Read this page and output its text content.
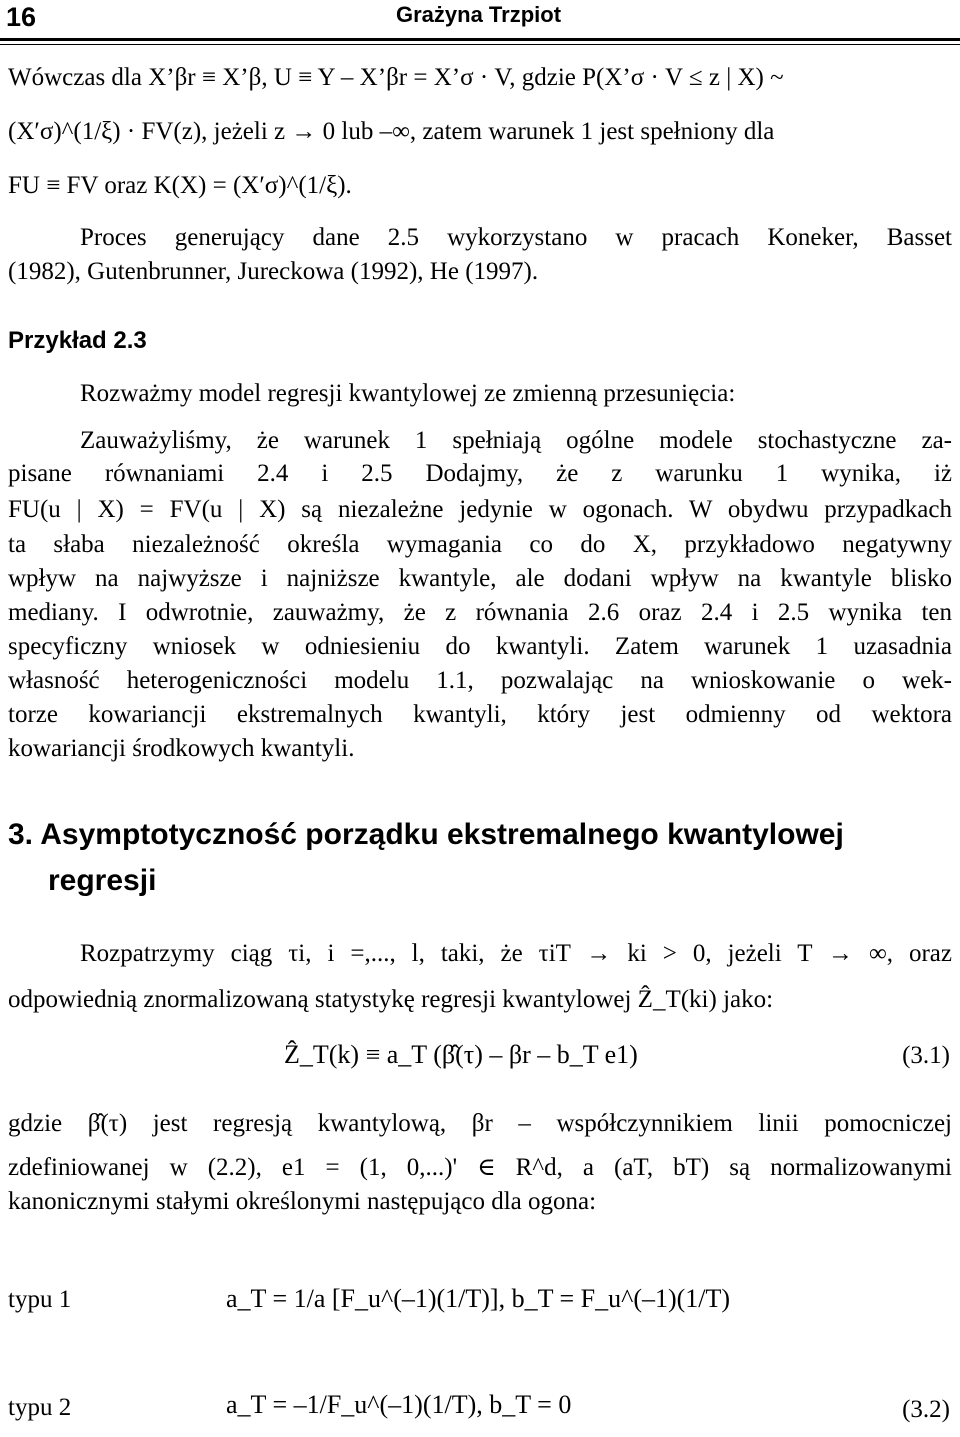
16	Grażyna Trzpiot
Wówczas dla X’βr ≡ X’β, U ≡ Y – X’βr = X’σ · V, gdzie P(X’σ · V ≤ z | X) ~
(X′σ)^(1/ξ) · FV(z), jeżeli z → 0 lub –∞, zatem warunek 1 jest spełniony dla
FU ≡ FV oraz K(X) = (X′σ)^(1/ξ).
Proces generujący dane 2.5 wykorzystano w pracach Koneker, Basset
(1982), Gutenbrunner, Jureckowa (1992), He (1997).
Przykład 2.3
Rozważmy model regresji kwantylowej ze zmienną przesunięcia:
Zauważyliśmy, że warunek 1 spełniają ogólne modele stochastyczne za-
pisane równaniami 2.4 i 2.5 Dodajmy, że z warunku 1 wynika, iż
FU(u | X) = FV(u | X) są niezależne jedynie w ogonach. W obydwu przypadkach
ta słaba niezależność określa wymagania co do X, przykładowo negatywny
wpływ na najwyższe i najniższe kwantyle, ale dodani wpływ na kwantyle blisko
mediany. I odwrotnie, zauważmy, że z równania 2.6 oraz 2.4 i 2.5 wynika ten
specyficzny wniosek w odniesieniu do kwantyli. Zatem warunek 1 uzasadnia
własność heterogeniczności modelu 1.1, pozwalając na wnioskowanie o wek-
torze kowariancji ekstremalnych kwantyli, który jest odmienny od wektora
kowariancji środkowych kwantyli.
3. Asymptotyczność porządku ekstremalnego kwantylowej
regresji
Rozpatrzymy ciąg τi, i =,..., l, taki, że τiT → ki > 0, jeżeli T → ∞, oraz
odpowiednią znormalizowaną statystykę regresji kwantylowej Ẑ_T(ki) jako:
Ẑ_T(k) ≡ a_T (β̂(τ) – βr – b_T e1)	(3.1)
gdzie β̂(τ) jest regresją kwantylową, βr – współczynnikiem linii pomocniczej
zdefiniowanej w (2.2), e1 = (1, 0,...)' ∈ R^d, a (aT, bT) są normalizowanymi
kanonicznymi stałymi określonymi następująco dla ogona:
typu 1	a_T = 1/a [F_u^(–1)(1/T)], b_T = F_u^(–1)(1/T)
typu 2	a_T = –1/F_u^(–1)(1/T), b_T = 0	(3.2)
